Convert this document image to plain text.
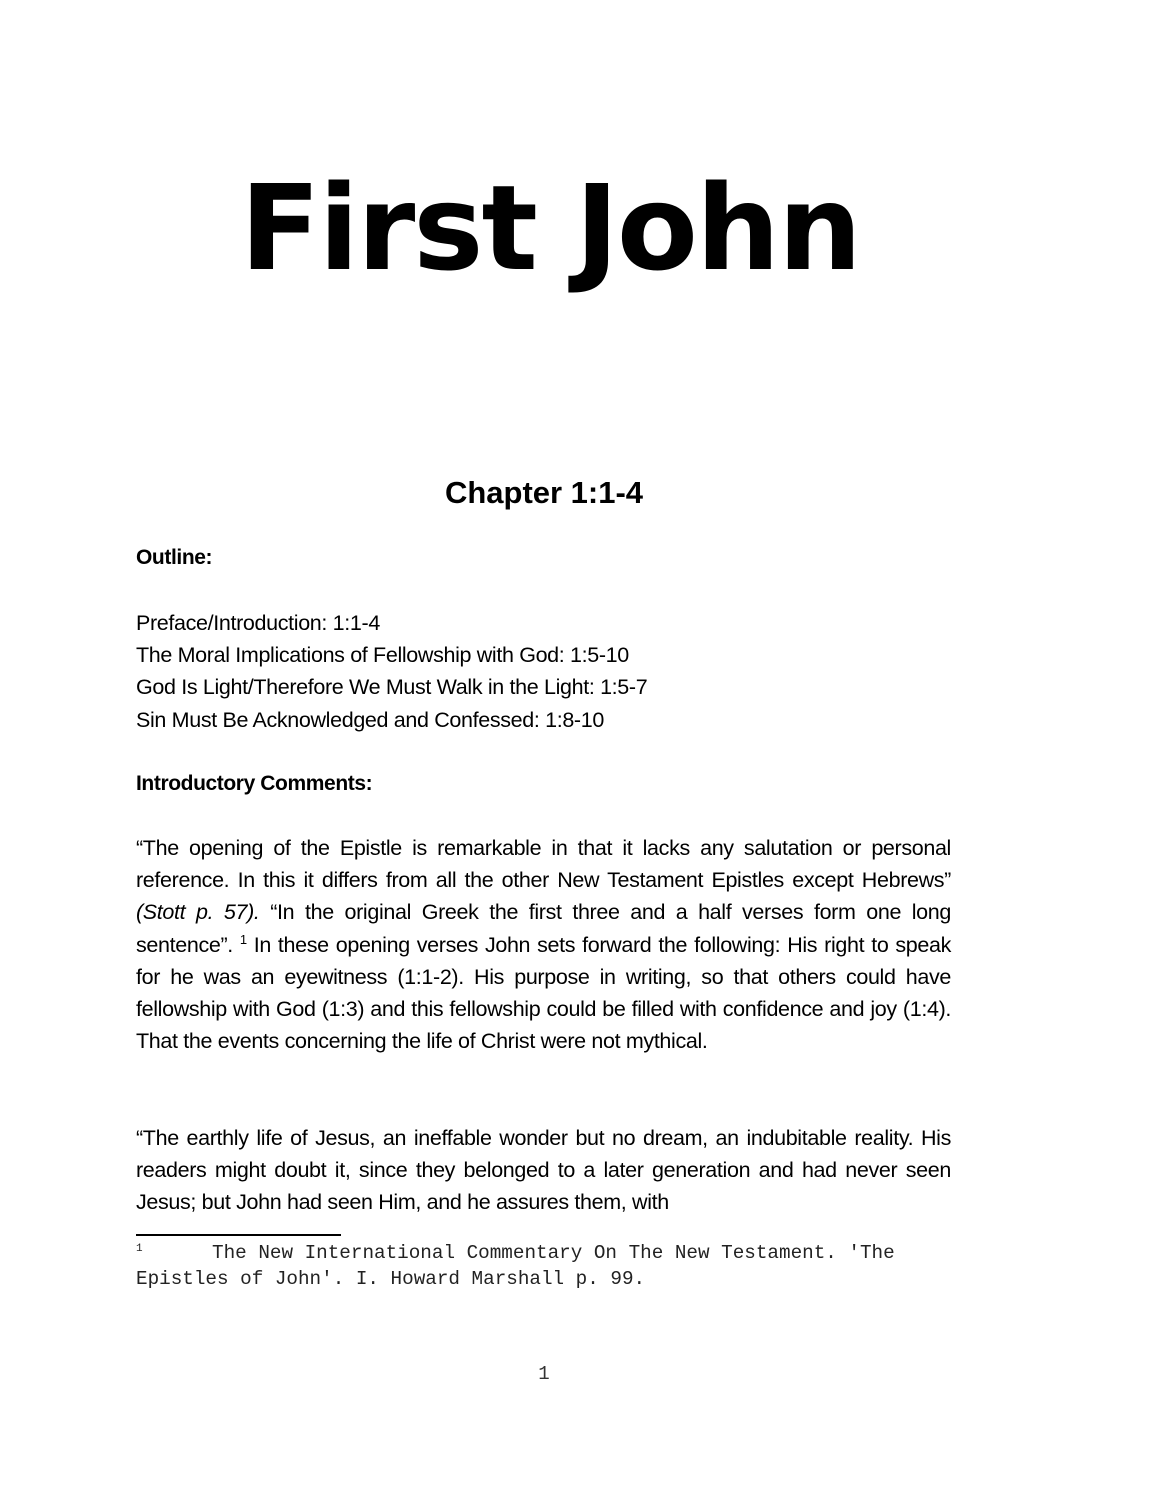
First John
Chapter 1:1-4

Outline:

Preface/Introduction: 1:1-4
The Moral Implications of Fellowship with God: 1:5-10
God Is Light/Therefore We Must Walk in the Light: 1:5-7
Sin Must Be Acknowledged and Confessed: 1:8-10

Introductory Comments:

“The opening of the Epistle is remarkable in that it lacks any salutation or personal reference. In this it differs from all the other New Testament Epistles except Hebrews” (Stott p. 57). “In the original Greek the first three and a half verses form one long sentence”. $^1$ In these opening verses John sets forward the following: His right to speak for he was an eyewitness (1:1-2). His purpose in writing, so that others could have fellowship with God (1:3) and this fellowship could be filled with confidence and joy (1:4). That the events concerning the life of Christ were not mythical.

“The earthly life of Jesus, an ineffable wonder but no dream, an indubitable reality. His readers might doubt it, since they belonged to a later generation and had never seen Jesus; but John had seen Him, and he assures them, with

$^1$      The New International Commentary On The New Testament. 'The
Epistles of John'. I. Howard Marshall p. 99.
1
